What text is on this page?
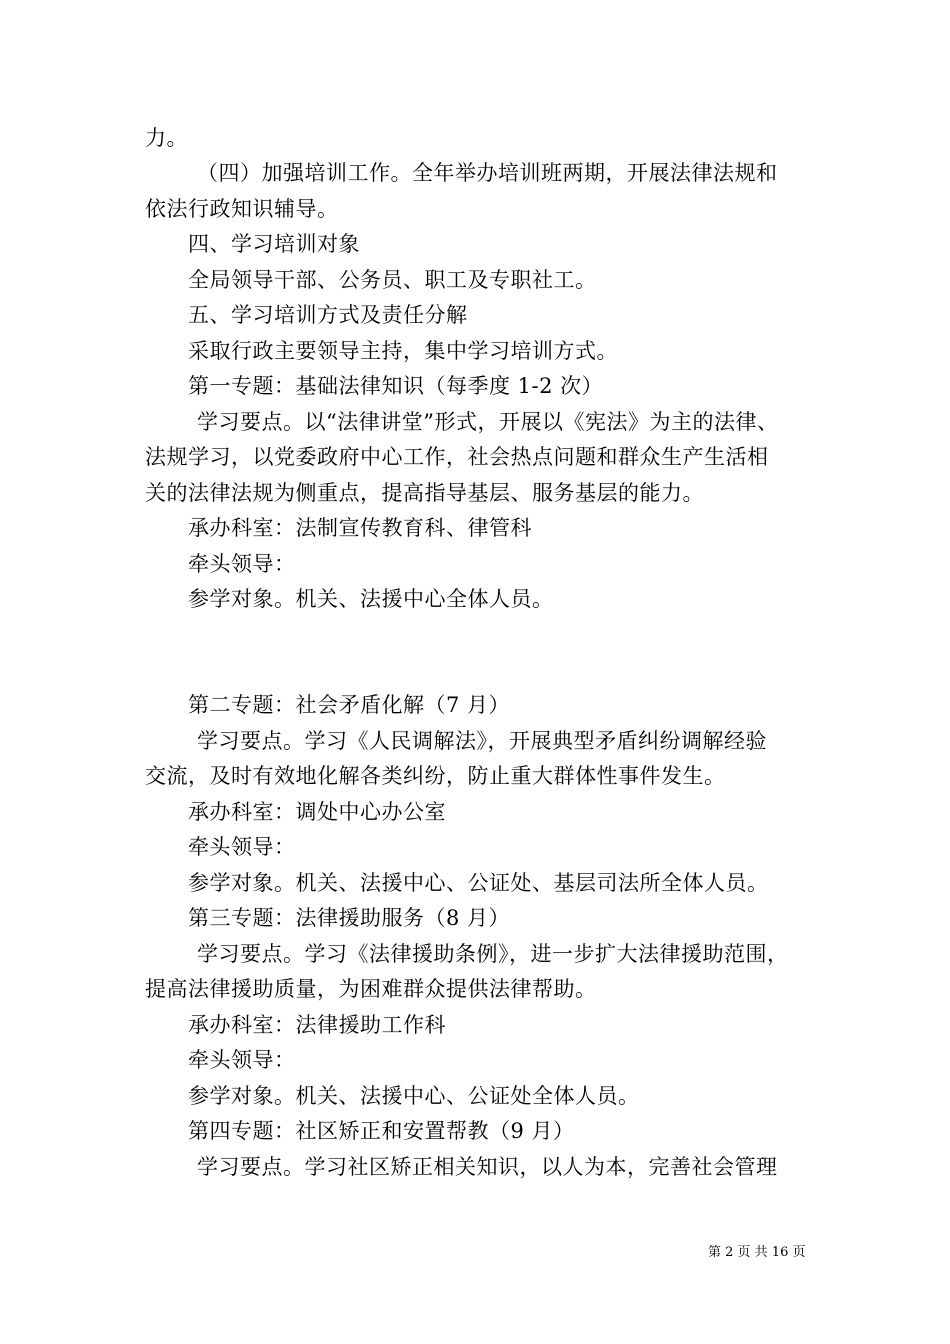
力。
（四）加强培训工作。全年举办培训班两期，开展法律法规和
依法行政知识辅导。
四、学习培训对象
全局领导干部、公务员、职工及专职社工。
五、学习培训方式及责任分解
采取行政主要领导主持，集中学习培训方式。
第一专题：基础法律知识（每季度 1-2 次）
学习要点。以“法律讲堂”形式，开展以《宪法》为主的法律、
法规学习，以党委政府中心工作，社会热点问题和群众生产生活相
关的法律法规为侧重点，提高指导基层、服务基层的能力。
承办科室：法制宣传教育科、律管科
牵头领导：
参学对象。机关、法援中心全体人员。
第二专题：社会矛盾化解（7 月）
学习要点。学习《人民调解法》，开展典型矛盾纠纷调解经验
交流，及时有效地化解各类纠纷，防止重大群体性事件发生。
承办科室：调处中心办公室
牵头领导：
参学对象。机关、法援中心、公证处、基层司法所全体人员。
第三专题：法律援助服务（8 月）
学习要点。学习《法律援助条例》，进一步扩大法律援助范围，
提高法律援助质量，为困难群众提供法律帮助。
承办科室：法律援助工作科
牵头领导：
参学对象。机关、法援中心、公证处全体人员。
第四专题：社区矫正和安置帮教（9 月）
学习要点。学习社区矫正相关知识，以人为本，完善社会管理
第 2 页 共 16 页
